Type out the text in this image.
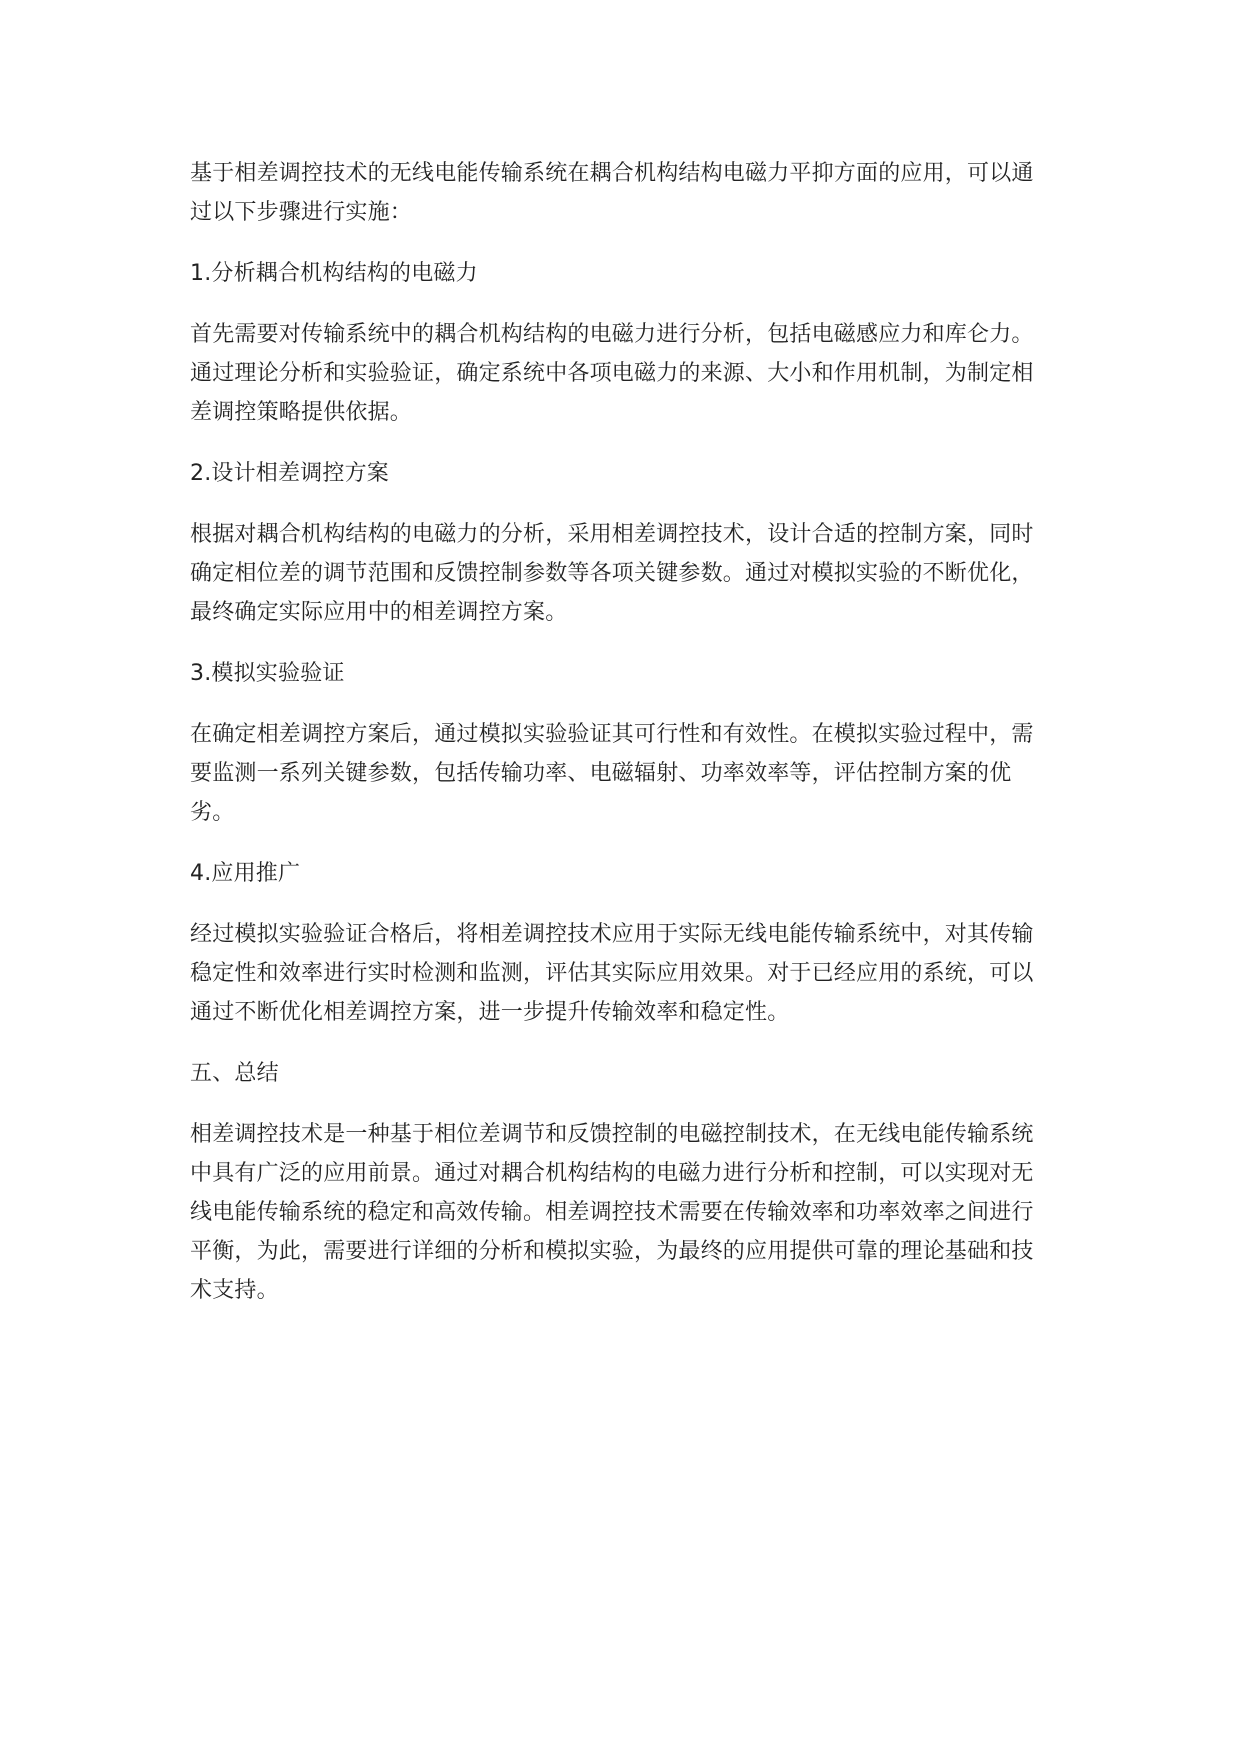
基于相差调控技术的无线电能传输系统在耦合机构结构电磁力平抑方面的应用，可以通过以下步骤进行实施：

1.分析耦合机构结构的电磁力

首先需要对传输系统中的耦合机构结构的电磁力进行分析，包括电磁感应力和库仑力。通过理论分析和实验验证，确定系统中各项电磁力的来源、大小和作用机制，为制定相差调控策略提供依据。

2.设计相差调控方案

根据对耦合机构结构的电磁力的分析，采用相差调控技术，设计合适的控制方案，同时确定相位差的调节范围和反馈控制参数等各项关键参数。通过对模拟实验的不断优化，最终确定实际应用中的相差调控方案。

3.模拟实验验证

在确定相差调控方案后，通过模拟实验验证其可行性和有效性。在模拟实验过程中，需要监测一系列关键参数，包括传输功率、电磁辐射、功率效率等，评估控制方案的优劣。

4.应用推广

经过模拟实验验证合格后，将相差调控技术应用于实际无线电能传输系统中，对其传输稳定性和效率进行实时检测和监测，评估其实际应用效果。对于已经应用的系统，可以通过不断优化相差调控方案，进一步提升传输效率和稳定性。

五、总结

相差调控技术是一种基于相位差调节和反馈控制的电磁控制技术，在无线电能传输系统中具有广泛的应用前景。通过对耦合机构结构的电磁力进行分析和控制，可以实现对无线电能传输系统的稳定和高效传输。相差调控技术需要在传输效率和功率效率之间进行平衡，为此，需要进行详细的分析和模拟实验，为最终的应用提供可靠的理论基础和技术支持。
